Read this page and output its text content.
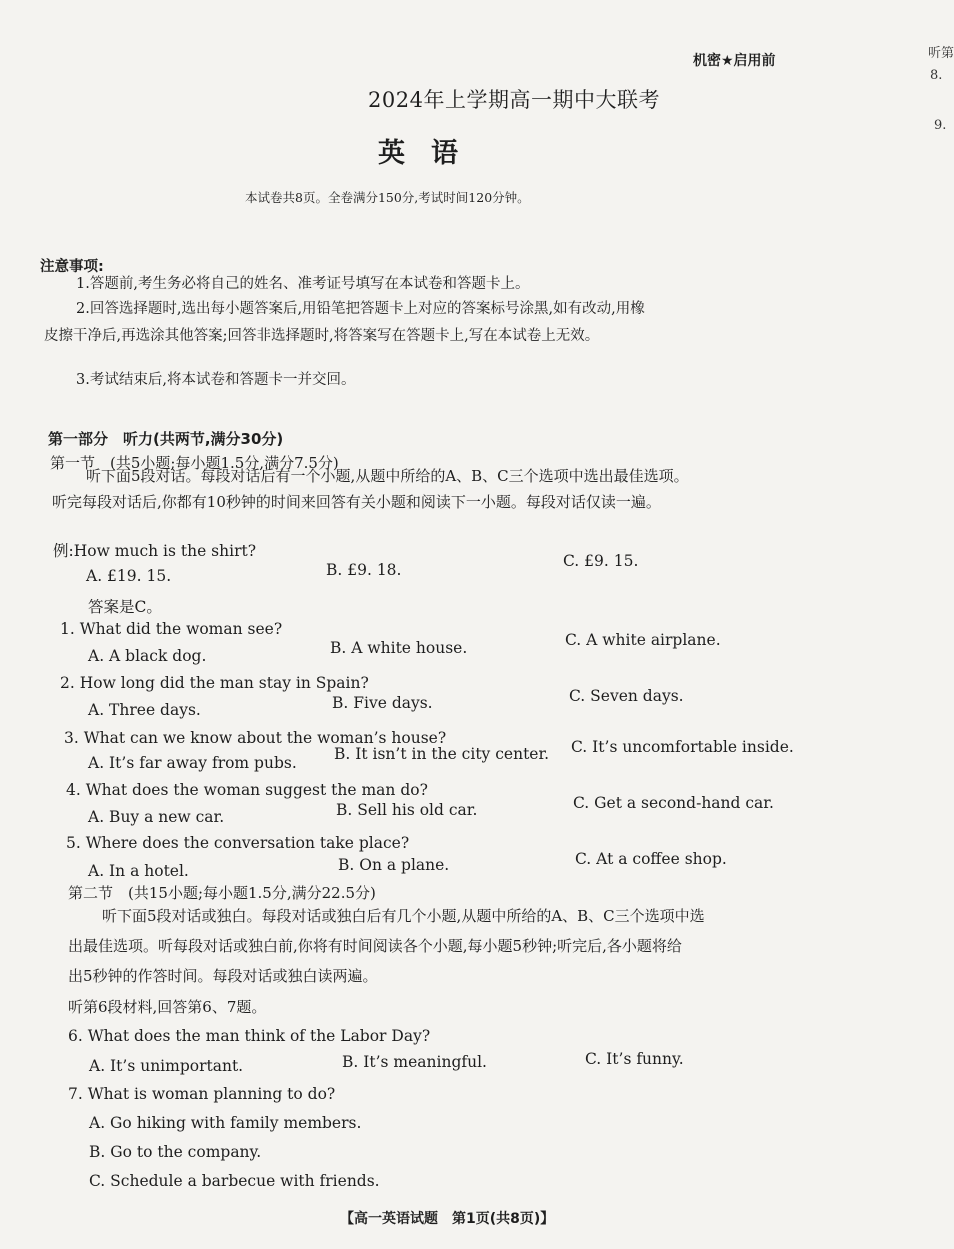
机密★启用前
2024年上学期高一期中大联考
英语
本试卷共8页。全卷满分150分,考试时间120分钟。
注意事项:
1.答题前,考生务必将自己的姓名、准考证号填写在本试卷和答题卡上。
2.回答选择题时,选出每小题答案后,用铅笔把答题卡上对应的答案标号涂黑,如有改动,用橡
皮擦干净后,再选涂其他答案;回答非选择题时,将答案写在答题卡上,写在本试卷上无效。
3.考试结束后,将本试卷和答题卡一并交回。
第一部分　听力(共两节,满分30分)
第一节　(共5小题;每小题1.5分,满分7.5分)
听下面5段对话。每段对话后有一个小题,从题中所给的A、B、C三个选项中选出最佳选项。
听完每段对话后,你都有10秒钟的时间来回答有关小题和阅读下一小题。每段对话仅读一遍。
例:How much is the shirt?
A. £19. 15.	B. £9. 18.	C. £9. 15.
答案是C。
1. What did the woman see?
A. A black dog.	B. A white house.	C. A white airplane.
2. How long did the man stay in Spain?
A. Three days.	B. Five days.	C. Seven days.
3. What can we know about the woman’s house?
A. It’s far away from pubs. B. It isn’t in the city center. C. It’s uncomfortable inside.
4. What does the woman suggest the man do?
A. Buy a new car.	B. Sell his old car.	C. Get a second-hand car.
5. Where does the conversation take place?
A. In a hotel.	B. On a plane.	C. At a coffee shop.
第二节　(共15小题;每小题1.5分,满分22.5分)
听下面5段对话或独白。每段对话或独白后有几个小题,从题中所给的A、B、C三个选项中选
出最佳选项。听每段对话或独白前,你将有时间阅读各个小题,每小题5秒钟;听完后,各小题将给
出5秒钟的作答时间。每段对话或独白读两遍。
听第6段材料,回答第6、7题。
6. What does the man think of the Labor Day?
A. It’s unimportant.	B. It’s meaningful.	C. It’s funny.
7. What is woman planning to do?
A. Go hiking with family members.
B. Go to the company.
C. Schedule a barbecue with friends.
【高一英语试题　第1页(共8页)】
听第
8.
9.
